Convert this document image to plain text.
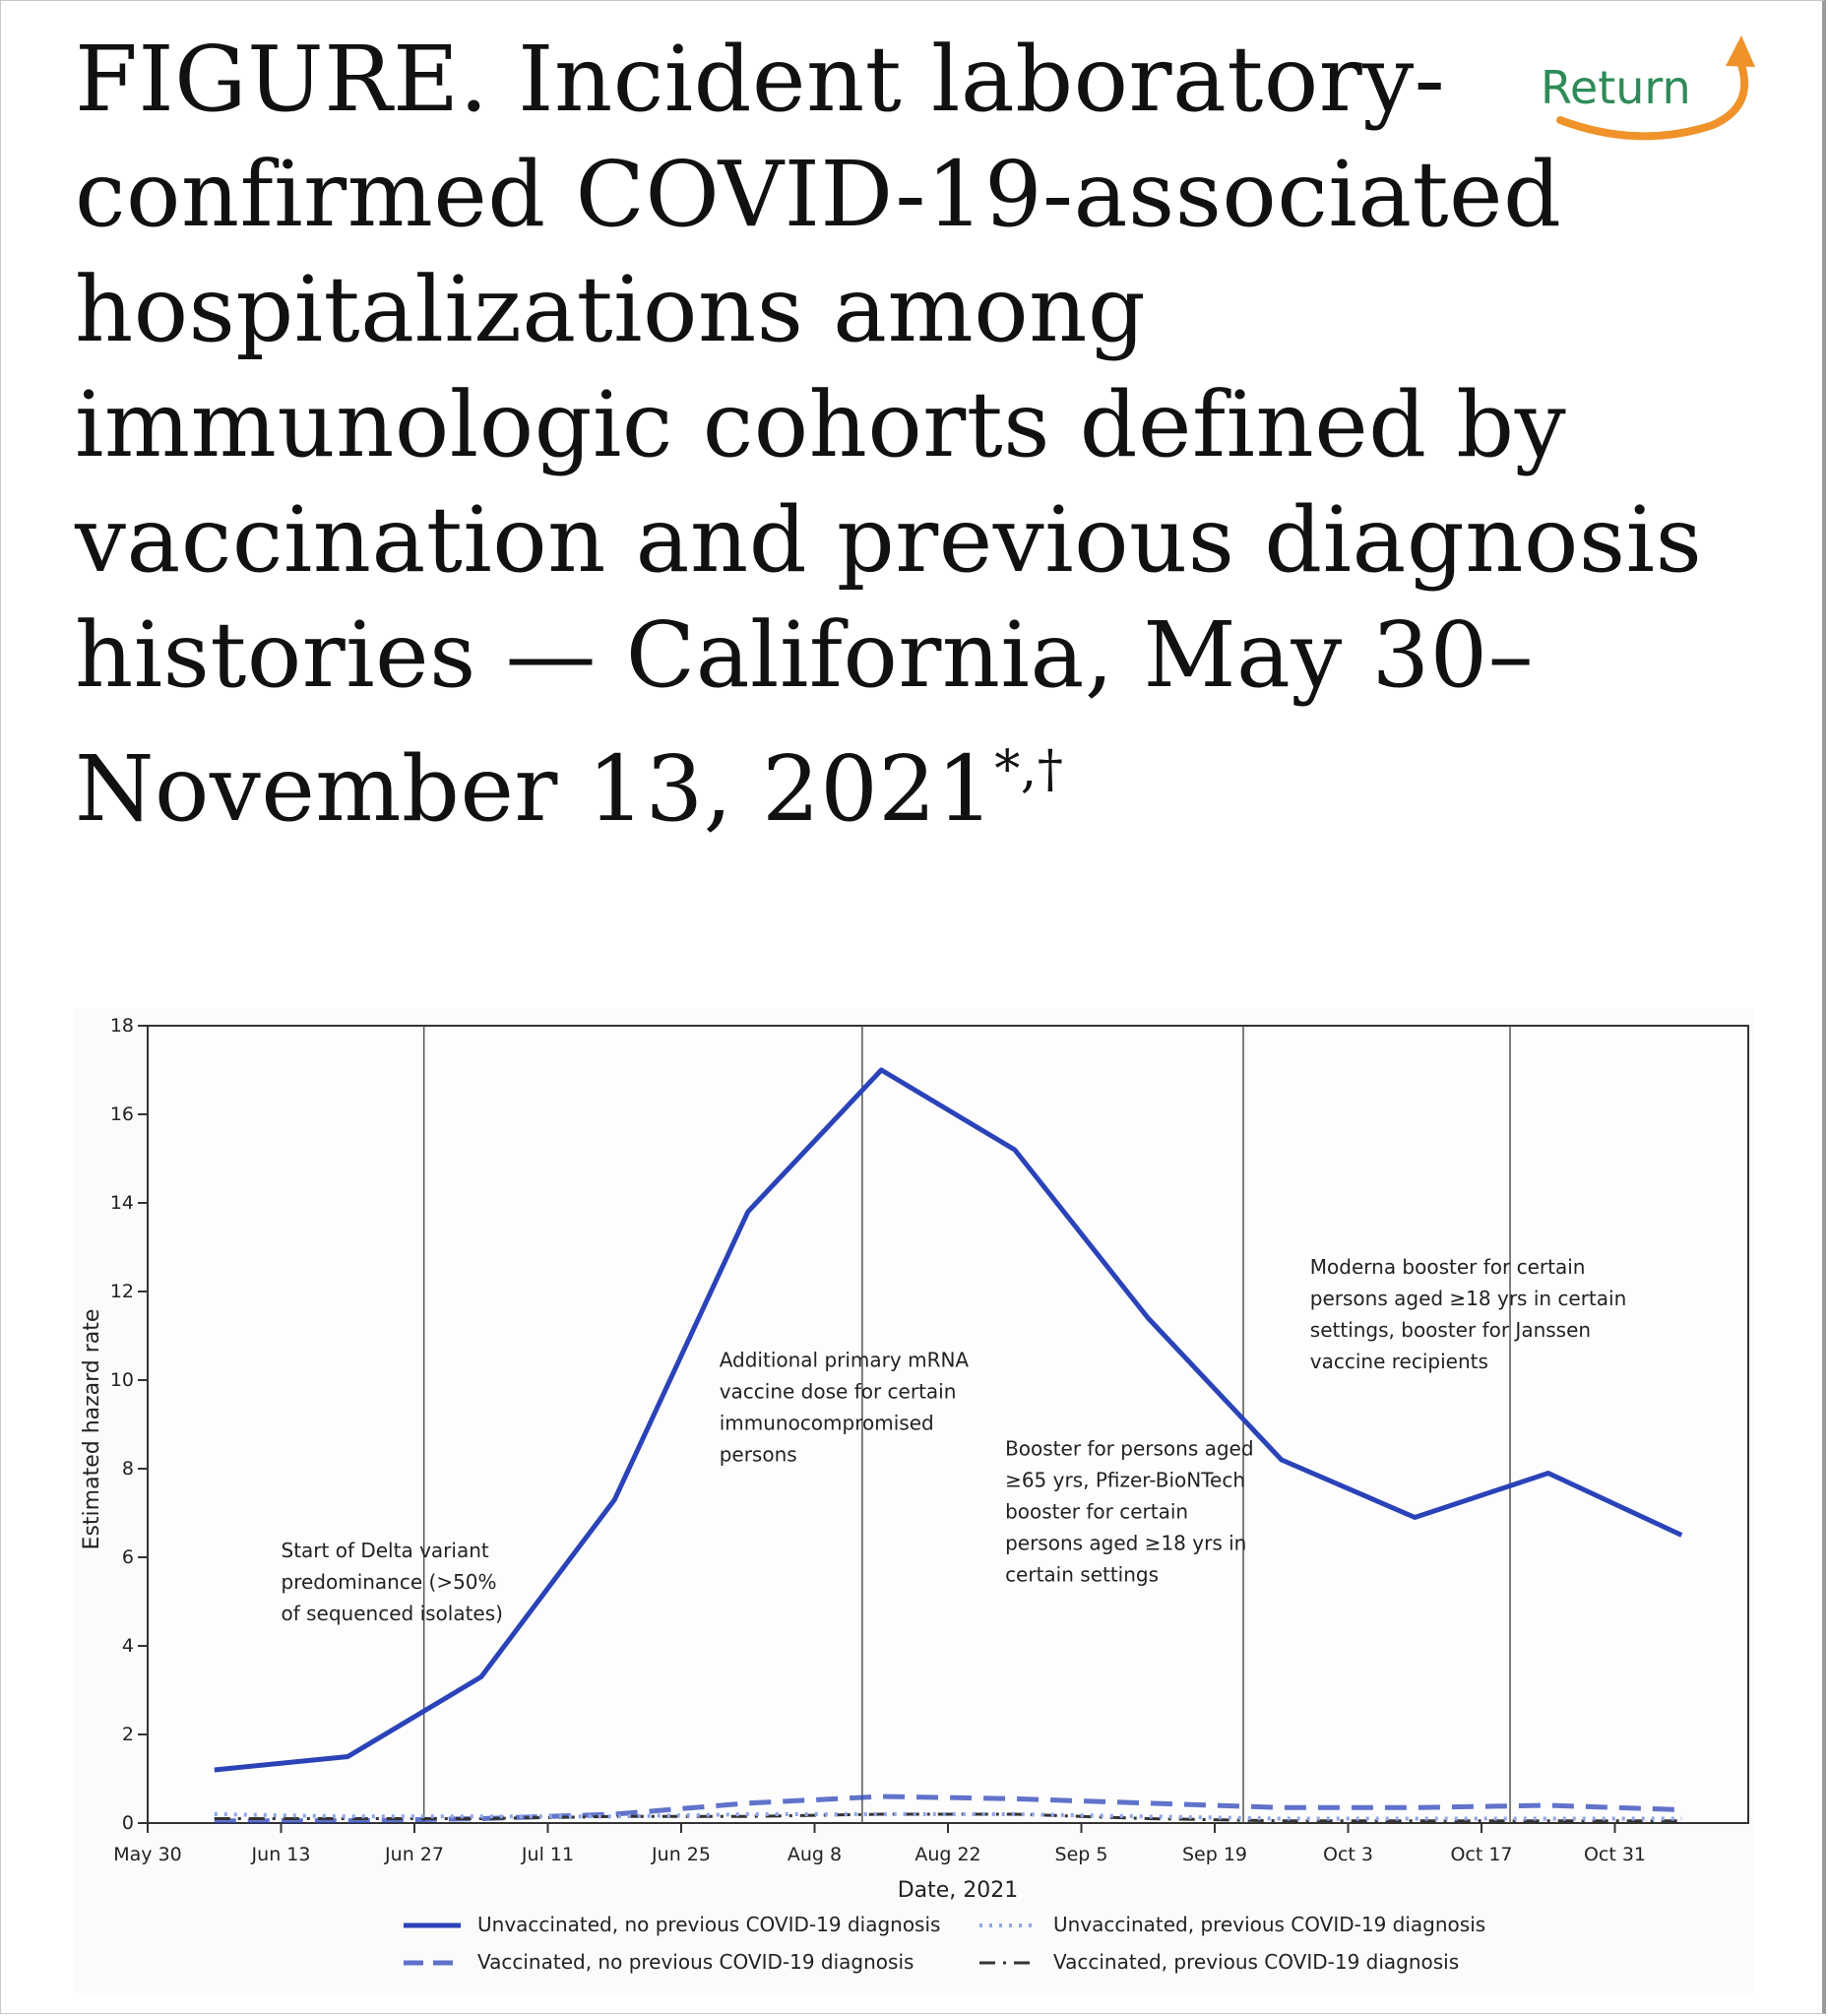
FIGURE. Incident laboratory-confirmed COVID-19-associated hospitalizations among immunologic cohorts defined by vaccination and previous diagnosis histories — California, May 30–November 13, 2021*,†
Return
0
2
4
6
8
10
12
14
16
18
May 30	Jun 13	Jun 27	Jul 11	Jun 25	Aug 8	Aug 22	Sep 5	Sep 19	Oct 3	Oct 17	Oct 31
Date, 2021
Estimated hazard rate
Start of Delta variant
predominance (>50%
of sequenced isolates)
Additional primary mRNA
vaccine dose for certain
immunocompromised
persons	Booster for persons aged
≥65 yrs, Pfizer-BioNTech
booster for certain
persons aged ≥18 yrs in
certain settings
Moderna booster for certain
persons aged ≥18 yrs in certain
settings, booster for Janssen
vaccine recipients
Unvaccinated, no previous COVID-19 diagnosis	Unvaccinated, previous COVID-19 diagnosis
Vaccinated, no previous COVID-19 diagnosis	Vaccinated, previous COVID-19 diagnosis
